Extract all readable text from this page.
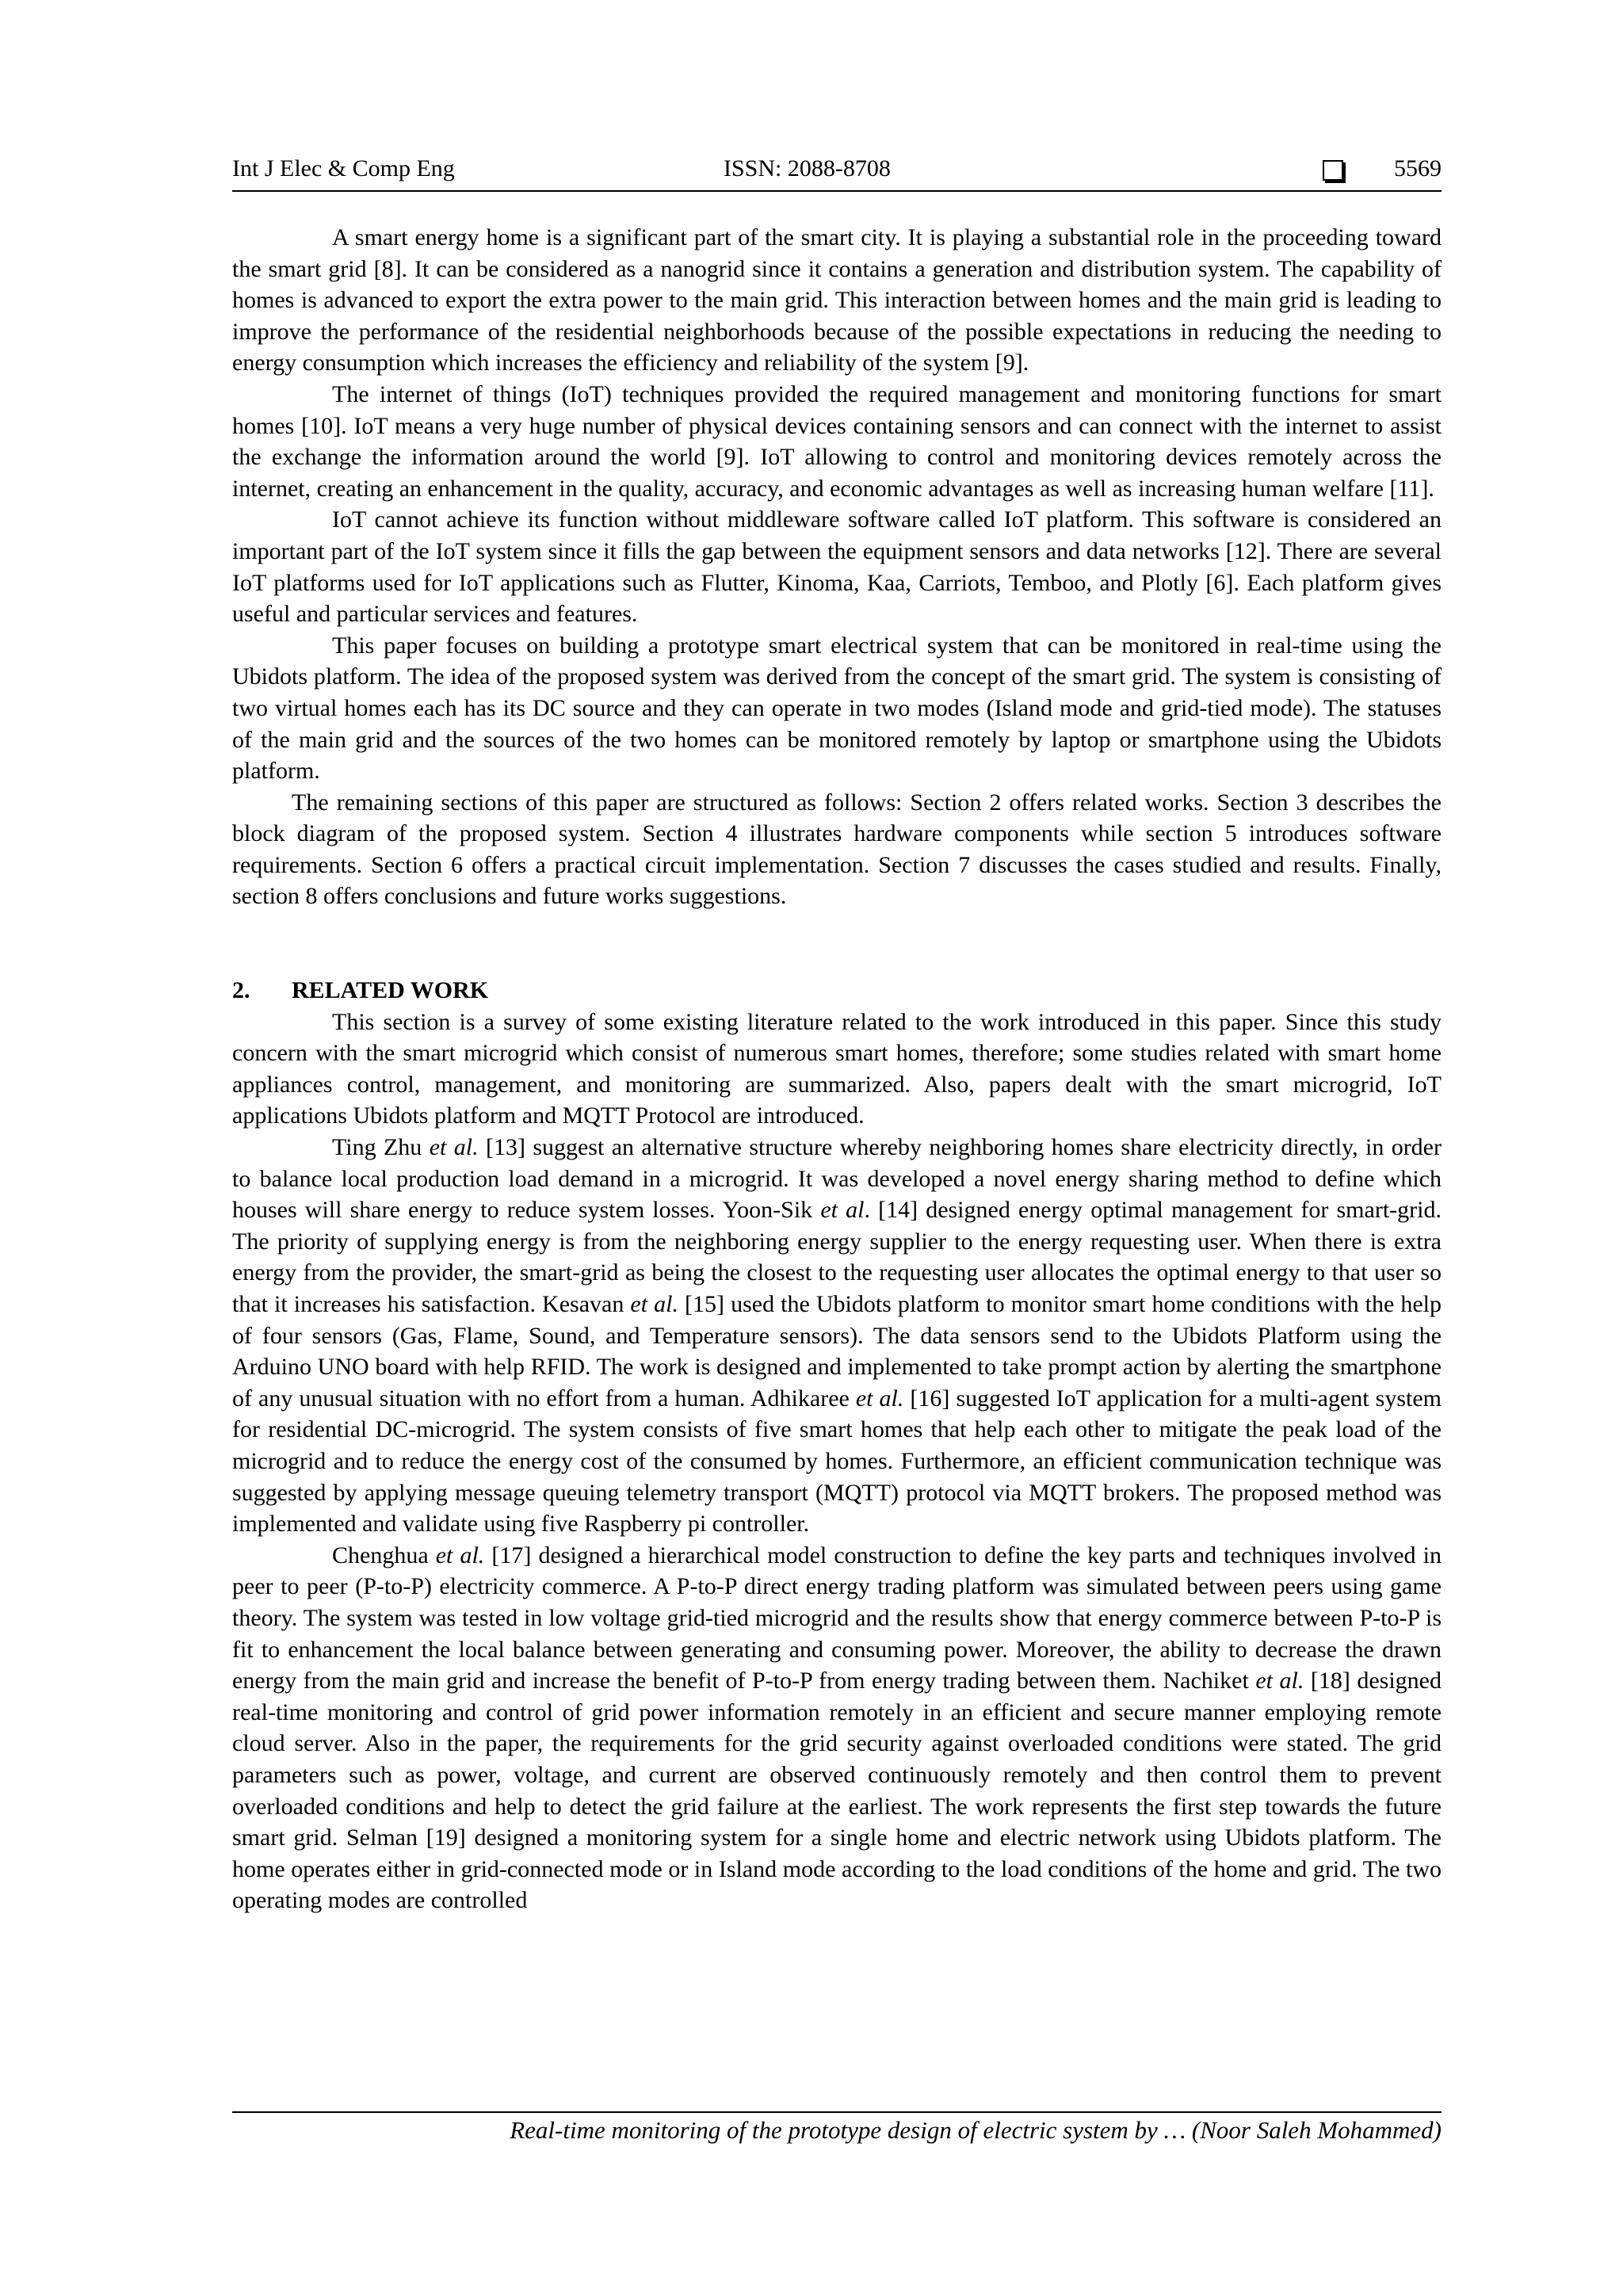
Int J Elec & Comp Eng	ISSN: 2088-8708	5569

A smart energy home is a significant part of the smart city. It is playing a substantial role in the proceeding toward the smart grid [8]. It can be considered as a nanogrid since it contains a generation and distribution system. The capability of homes is advanced to export the extra power to the main grid. This interaction between homes and the main grid is leading to improve the performance of the residential neighborhoods because of the possible expectations in reducing the needing to energy consumption which increases the efficiency and reliability of the system [9].

The internet of things (IoT) techniques provided the required management and monitoring functions for smart homes [10]. IoT means a very huge number of physical devices containing sensors and can connect with the internet to assist the exchange the information around the world [9]. IoT allowing to control and monitoring devices remotely across the internet, creating an enhancement in the quality, accuracy, and economic advantages as well as increasing human welfare [11].

IoT cannot achieve its function without middleware software called IoT platform. This software is considered an important part of the IoT system since it fills the gap between the equipment sensors and data networks [12]. There are several IoT platforms used for IoT applications such as Flutter, Kinoma, Kaa, Carriots, Temboo, and Plotly [6]. Each platform gives useful and particular services and features.

This paper focuses on building a prototype smart electrical system that can be monitored in real-time using the Ubidots platform. The idea of the proposed system was derived from the concept of the smart grid. The system is consisting of two virtual homes each has its DC source and they can operate in two modes (Island mode and grid-tied mode). The statuses of the main grid and the sources of the two homes can be monitored remotely by laptop or smartphone using the Ubidots platform.

The remaining sections of this paper are structured as follows: Section 2 offers related works. Section 3 describes the block diagram of the proposed system. Section 4 illustrates hardware components while section 5 introduces software requirements. Section 6 offers a practical circuit implementation. Section 7 discusses the cases studied and results. Finally, section 8 offers conclusions and future works suggestions.

2. RELATED WORK

This section is a survey of some existing literature related to the work introduced in this paper. Since this study concern with the smart microgrid which consist of numerous smart homes, therefore; some studies related with smart home appliances control, management, and monitoring are summarized. Also, papers dealt with the smart microgrid, IoT applications Ubidots platform and MQTT Protocol are introduced.

Ting Zhu et al. [13] suggest an alternative structure whereby neighboring homes share electricity directly, in order to balance local production load demand in a microgrid. It was developed a novel energy sharing method to define which houses will share energy to reduce system losses. Yoon-Sik et al. [14] designed energy optimal management for smart-grid. The priority of supplying energy is from the neighboring energy supplier to the energy requesting user. When there is extra energy from the provider, the smart-grid as being the closest to the requesting user allocates the optimal energy to that user so that it increases his satisfaction. Kesavan et al. [15] used the Ubidots platform to monitor smart home conditions with the help of four sensors (Gas, Flame, Sound, and Temperature sensors). The data sensors send to the Ubidots Platform using the Arduino UNO board with help RFID. The work is designed and implemented to take prompt action by alerting the smartphone of any unusual situation with no effort from a human. Adhikaree et al. [16] suggested IoT application for a multi-agent system for residential DC-microgrid. The system consists of five smart homes that help each other to mitigate the peak load of the microgrid and to reduce the energy cost of the consumed by homes. Furthermore, an efficient communication technique was suggested by applying message queuing telemetry transport (MQTT) protocol via MQTT brokers. The proposed method was implemented and validate using five Raspberry pi controller.

Chenghua et al. [17] designed a hierarchical model construction to define the key parts and techniques involved in peer to peer (P-to-P) electricity commerce. A P-to-P direct energy trading platform was simulated between peers using game theory. The system was tested in low voltage grid-tied microgrid and the results show that energy commerce between P-to-P is fit to enhancement the local balance between generating and consuming power. Moreover, the ability to decrease the drawn energy from the main grid and increase the benefit of P-to-P from energy trading between them. Nachiket et al. [18] designed real-time monitoring and control of grid power information remotely in an efficient and secure manner employing remote cloud server. Also in the paper, the requirements for the grid security against overloaded conditions were stated. The grid parameters such as power, voltage, and current are observed continuously remotely and then control them to prevent overloaded conditions and help to detect the grid failure at the earliest. The work represents the first step towards the future smart grid. Selman [19] designed a monitoring system for a single home and electric network using Ubidots platform. The home operates either in grid-connected mode or in Island mode according to the load conditions of the home and grid. The two operating modes are controlled

Real-time monitoring of the prototype design of electric system by … (Noor Saleh Mohammed)
